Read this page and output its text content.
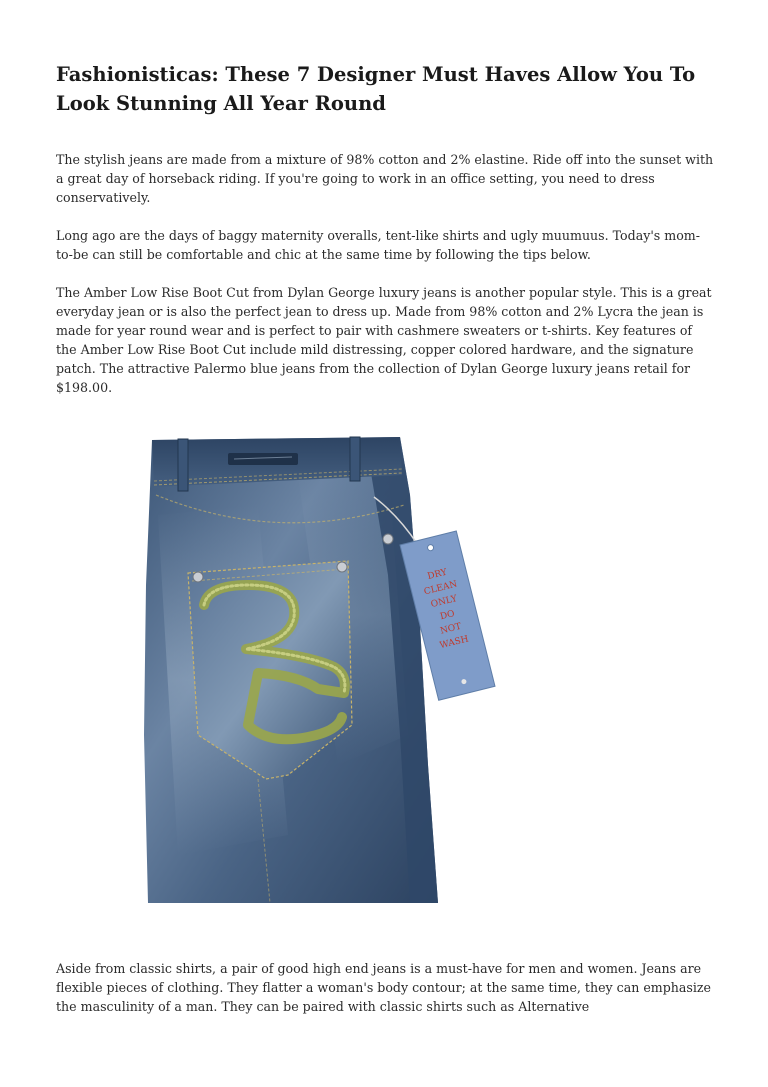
Fashionisticas: These 7 Designer Must Haves Allow You To Look Stunning All Year Round

The stylish jeans are made from a mixture of 98% cotton and 2% elastine. Ride off into the sunset with a great day of horseback riding. If you're going to work in an office setting, you need to dress conservatively.

Long ago are the days of baggy maternity overalls, tent-like shirts and ugly muumuus. Today's mom-to-be can still be comfortable and chic at the same time by following the tips below.

The Amber Low Rise Boot Cut from Dylan George luxury jeans is another popular style. This is a great everyday jean or is also the perfect jean to dress up. Made from 98% cotton and 2% Lycra the jean is made for year round wear and is perfect to pair with cashmere sweaters or t-shirts. Key features of the Amber Low Rise Boot Cut include mild distressing, copper colored hardware, and the signature patch. The attractive Palermo blue jeans from the collection of Dylan George luxury jeans retail for $198.00.

DRY
CLEAN
ONLY
DO
NOT
WASH

Aside from classic shirts, a pair of good high end jeans is a must-have for men and women. Jeans are flexible pieces of clothing. They flatter a woman's body contour; at the same time, they can emphasize the masculinity of a man. They can be paired with classic shirts such as Alternative
